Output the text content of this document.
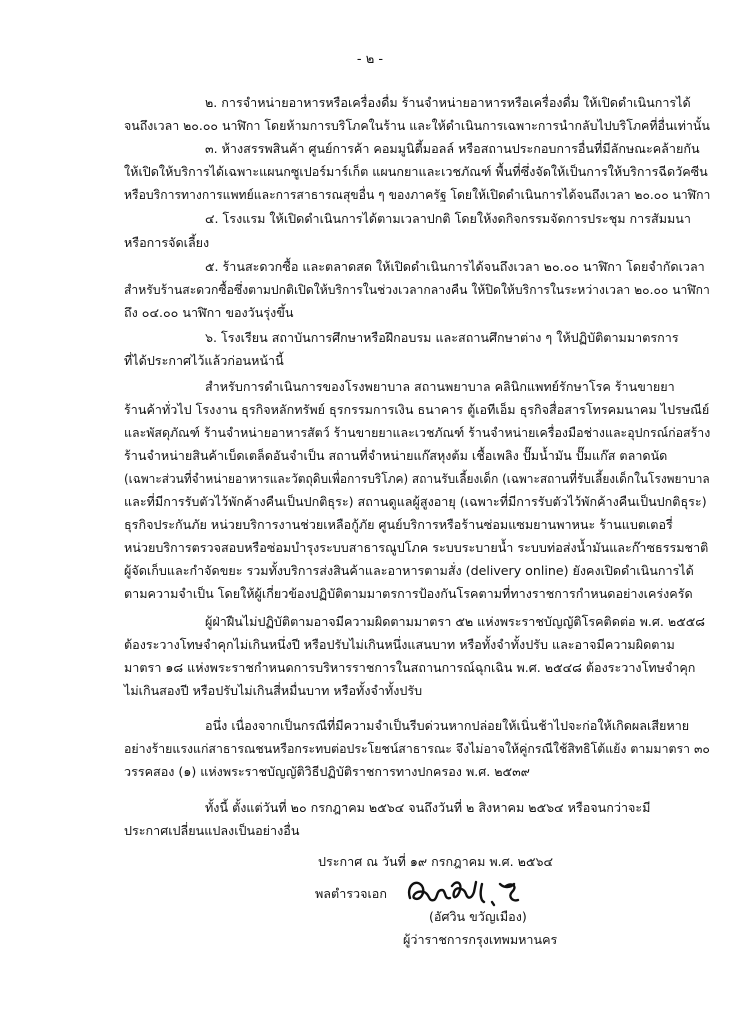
- ๒ -
๒. การจำหน่ายอาหารหรือเครื่องดื่ม ร้านจำหน่ายอาหารหรือเครื่องดื่ม ให้เปิดดำเนินการได้
จนถึงเวลา ๒๐.๐๐ นาฬิกา โดยห้ามการบริโภคในร้าน และให้ดำเนินการเฉพาะการนำกลับไปบริโภคที่อื่นเท่านั้น
๓. ห้างสรรพสินค้า ศูนย์การค้า คอมมูนิตี้มอลล์ หรือสถานประกอบการอื่นที่มีลักษณะคล้ายกัน
ให้เปิดให้บริการได้เฉพาะแผนกซูเปอร์มาร์เก็ต แผนกยาและเวชภัณฑ์ พื้นที่ซึ่งจัดให้เป็นการให้บริการฉีดวัคซีน
หรือบริการทางการแพทย์และการสาธารณสุขอื่น ๆ ของภาครัฐ โดยให้เปิดดำเนินการได้จนถึงเวลา ๒๐.๐๐ นาฬิกา
๔. โรงแรม ให้เปิดดำเนินการได้ตามเวลาปกติ โดยให้งดกิจกรรมจัดการประชุม การสัมมนา
หรือการจัดเลี้ยง
๕. ร้านสะดวกซื้อ และตลาดสด ให้เปิดดำเนินการได้จนถึงเวลา ๒๐.๐๐ นาฬิกา โดยจำกัดเวลา
สำหรับร้านสะดวกซื้อซึ่งตามปกติเปิดให้บริการในช่วงเวลากลางคืน ให้ปิดให้บริการในระหว่างเวลา ๒๐.๐๐ นาฬิกา
ถึง ๐๔.๐๐ นาฬิกา ของวันรุ่งขึ้น
๖. โรงเรียน สถาบันการศึกษาหรือฝึกอบรม และสถานศึกษาต่าง ๆ ให้ปฏิบัติตามมาตรการ
ที่ได้ประกาศไว้แล้วก่อนหน้านี้
สำหรับการดำเนินการของโรงพยาบาล สถานพยาบาล คลินิกแพทย์รักษาโรค ร้านขายยา
ร้านค้าทั่วไป โรงงาน ธุรกิจหลักทรัพย์ ธุรกรรมการเงิน ธนาคาร ตู้เอทีเอ็ม ธุรกิจสื่อสารโทรคมนาคม ไปรษณีย์
และพัสดุภัณฑ์ ร้านจำหน่ายอาหารสัตว์ ร้านขายยาและเวชภัณฑ์ ร้านจำหน่ายเครื่องมือช่างและอุปกรณ์ก่อสร้าง
ร้านจำหน่ายสินค้าเบ็ดเตล็ดอันจำเป็น สถานที่จำหน่ายแก๊สหุงต้ม เชื้อเพลิง ปั๊มน้ำมัน ปั๊มแก๊ส ตลาดนัด
(เฉพาะส่วนที่จำหน่ายอาหารและวัตถุดิบเพื่อการบริโภค) สถานรับเลี้ยงเด็ก (เฉพาะสถานที่รับเลี้ยงเด็กในโรงพยาบาล
และที่มีการรับตัวไว้พักค้างคืนเป็นปกติธุระ) สถานดูแลผู้สูงอายุ (เฉพาะที่มีการรับตัวไว้พักค้างคืนเป็นปกติธุระ)
ธุรกิจประกันภัย หน่วยบริการงานช่วยเหลือกู้ภัย ศูนย์บริการหรือร้านซ่อมแซมยานพาหนะ ร้านแบตเตอรี่
หน่วยบริการตรวจสอบหรือซ่อมบำรุงระบบสาธารณูปโภค ระบบระบายน้ำ ระบบท่อส่งน้ำมันและก๊าซธรรมชาติ
ผู้จัดเก็บและกำจัดขยะ รวมทั้งบริการส่งสินค้าและอาหารตามสั่ง (delivery online) ยังคงเปิดดำเนินการได้
ตามความจำเป็น โดยให้ผู้เกี่ยวข้องปฏิบัติตามมาตรการป้องกันโรคตามที่ทางราชการกำหนดอย่างเคร่งครัด
ผู้ฝ่าฝืนไม่ปฏิบัติตามอาจมีความผิดตามมาตรา ๕๒ แห่งพระราชบัญญัติโรคติดต่อ พ.ศ. ๒๕๕๘
ต้องระวางโทษจำคุกไม่เกินหนึ่งปี หรือปรับไม่เกินหนึ่งแสนบาท หรือทั้งจำทั้งปรับ และอาจมีความผิดตาม
มาตรา ๑๘ แห่งพระราชกำหนดการบริหารราชการในสถานการณ์ฉุกเฉิน พ.ศ. ๒๕๔๘ ต้องระวางโทษจำคุก
ไม่เกินสองปี หรือปรับไม่เกินสี่หมื่นบาท หรือทั้งจำทั้งปรับ
อนึ่ง เนื่องจากเป็นกรณีที่มีความจำเป็นรีบด่วนหากปล่อยให้เนิ่นช้าไปจะก่อให้เกิดผลเสียหาย
อย่างร้ายแรงแก่สาธารณชนหรือกระทบต่อประโยชน์สาธารณะ จึงไม่อาจให้คู่กรณีใช้สิทธิโต้แย้ง ตามมาตรา ๓๐
วรรคสอง (๑) แห่งพระราชบัญญัติวิธีปฏิบัติราชการทางปกครอง พ.ศ. ๒๕๓๙
ทั้งนี้ ตั้งแต่วันที่ ๒๐ กรกฎาคม ๒๕๖๔ จนถึงวันที่ ๒ สิงหาคม ๒๕๖๔ หรือจนกว่าจะมี
ประกาศเปลี่ยนแปลงเป็นอย่างอื่น
ประกาศ ณ วันที่ ๑๙ กรกฎาคม พ.ศ. ๒๕๖๔
พลตำรวจเอก
(อัศวิน ขวัญเมือง)
ผู้ว่าราชการกรุงเทพมหานคร
